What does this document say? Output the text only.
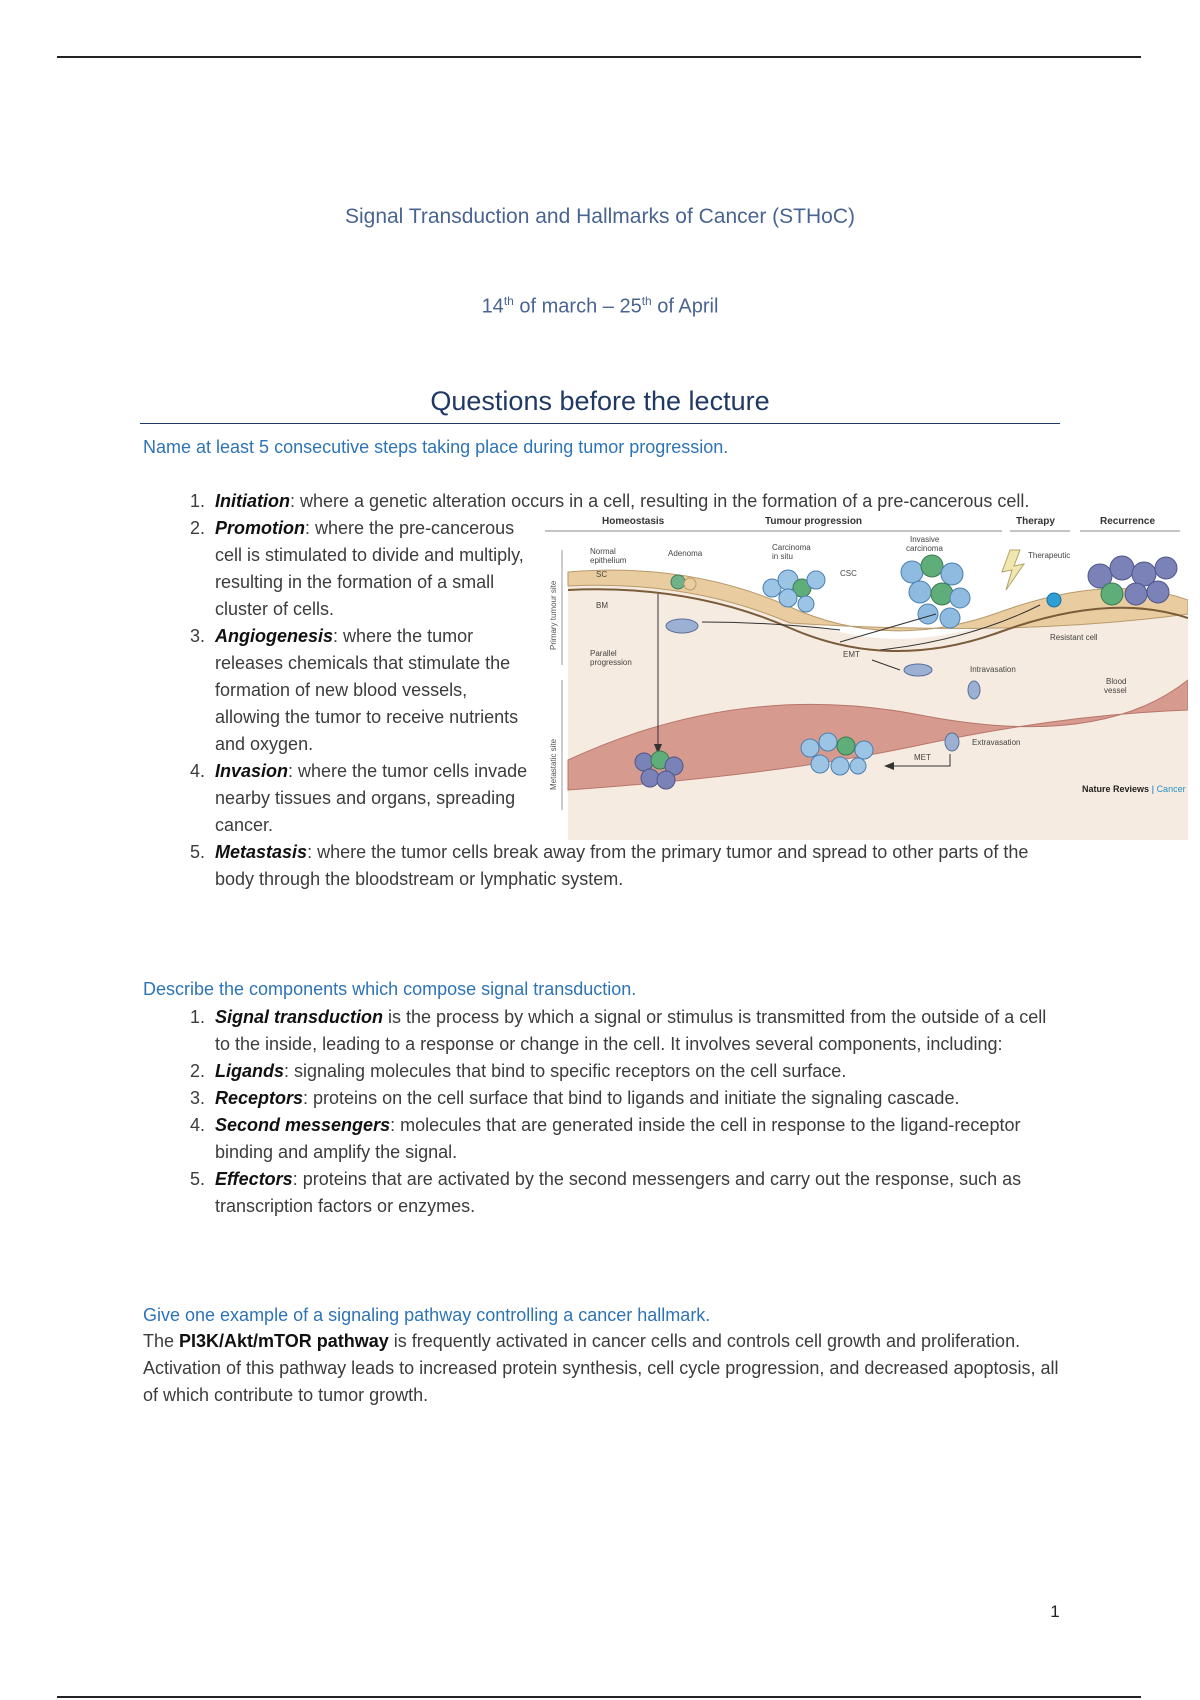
Signal Transduction and Hallmarks of Cancer (STHoC)
14th of march – 25th of April
Questions before the lecture
Name at least 5 consecutive steps taking place during tumor progression.
1. Initiation: where a genetic alteration occurs in a cell, resulting in the formation of a pre-cancerous cell.
2. Promotion: where the pre-cancerous cell is stimulated to divide and multiply, resulting in the formation of a small cluster of cells.
3. Angiogenesis: where the tumor releases chemicals that stimulate the formation of new blood vessels, allowing the tumor to receive nutrients and oxygen.
4. Invasion: where the tumor cells invade nearby tissues and organs, spreading cancer.
5. Metastasis: where the tumor cells break away from the primary tumor and spread to other parts of the body through the bloodstream or lymphatic system.
Homeostasis	Tumour progression	Therapy	Recurrence
Primary tumour site
Metastatic site
Normal
epithelium
SC
BM
Adenoma
Carcinoma
in situ
CSC
Invasive
carcinoma
Therapeutic
Resistant cell
Parallel
progression
EMT
Intravasation
Blood
vessel
Extravasation
MET
Nature Reviews | Cancer
Describe the components which compose signal transduction.
1. Signal transduction is the process by which a signal or stimulus is transmitted from the outside of a cell to the inside, leading to a response or change in the cell. It involves several components, including:
2. Ligands: signaling molecules that bind to specific receptors on the cell surface.
3. Receptors: proteins on the cell surface that bind to ligands and initiate the signaling cascade.
4. Second messengers: molecules that are generated inside the cell in response to the ligand-receptor binding and amplify the signal.
5. Effectors: proteins that are activated by the second messengers and carry out the response, such as transcription factors or enzymes.
Give one example of a signaling pathway controlling a cancer hallmark.
The PI3K/Akt/mTOR pathway is frequently activated in cancer cells and controls cell growth and proliferation. Activation of this pathway leads to increased protein synthesis, cell cycle progression, and decreased apoptosis, all of which contribute to tumor growth.
1
